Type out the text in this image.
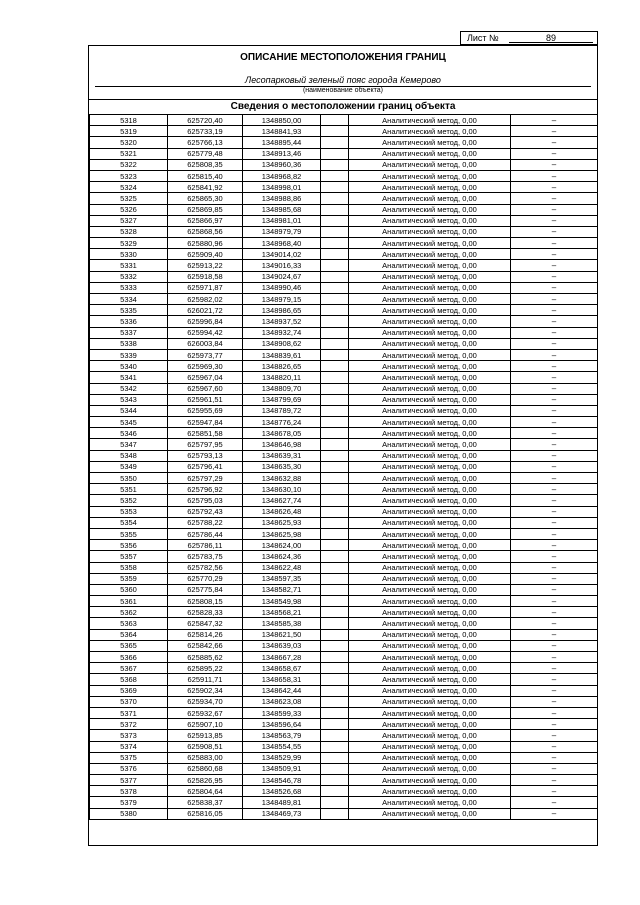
Лист №	89
ОПИСАНИЕ МЕСТОПОЛОЖЕНИЯ ГРАНИЦ
Лесопарковый зеленый пояс города Кемерово
(наименование объекта)
Сведения о местоположении границ объекта
5318	625720,40	1348850,00		Аналитический метод, 0,00	–
5319	625733,19	1348841,93		Аналитический метод, 0,00	–
5320	625766,13	1348895,44		Аналитический метод, 0,00	–
5321	625779,48	1348913,46		Аналитический метод, 0,00	–
5322	625808,35	1348960,36		Аналитический метод, 0,00	–
5323	625815,40	1348968,82		Аналитический метод, 0,00	–
5324	625841,92	1348998,01		Аналитический метод, 0,00	–
5325	625865,30	1348988,86		Аналитический метод, 0,00	–
5326	625869,85	1348985,68		Аналитический метод, 0,00	–
5327	625866,97	1348981,01		Аналитический метод, 0,00	–
5328	625868,56	1348979,79		Аналитический метод, 0,00	–
5329	625880,96	1348968,40		Аналитический метод, 0,00	–
5330	625909,40	1349014,02		Аналитический метод, 0,00	–
5331	625913,22	1349016,33		Аналитический метод, 0,00	–
5332	625918,58	1349024,67		Аналитический метод, 0,00	–
5333	625971,87	1348990,46		Аналитический метод, 0,00	–
5334	625982,02	1348979,15		Аналитический метод, 0,00	–
5335	626021,72	1348986,65		Аналитический метод, 0,00	–
5336	625996,84	1348937,52		Аналитический метод, 0,00	–
5337	625994,42	1348932,74		Аналитический метод, 0,00	–
5338	626003,84	1348908,62		Аналитический метод, 0,00	–
5339	625973,77	1348839,61		Аналитический метод, 0,00	–
5340	625969,30	1348826,65		Аналитический метод, 0,00	–
5341	625967,04	1348820,11		Аналитический метод, 0,00	–
5342	625967,60	1348809,70		Аналитический метод, 0,00	–
5343	625961,51	1348799,69		Аналитический метод, 0,00	–
5344	625955,69	1348789,72		Аналитический метод, 0,00	–
5345	625947,84	1348776,24		Аналитический метод, 0,00	–
5346	625851,58	1348678,05		Аналитический метод, 0,00	–
5347	625797,95	1348646,98		Аналитический метод, 0,00	–
5348	625793,13	1348639,31		Аналитический метод, 0,00	–
5349	625796,41	1348635,30		Аналитический метод, 0,00	–
5350	625797,29	1348632,88		Аналитический метод, 0,00	–
5351	625796,92	1348630,10		Аналитический метод, 0,00	–
5352	625795,03	1348627,74		Аналитический метод, 0,00	–
5353	625792,43	1348626,48		Аналитический метод, 0,00	–
5354	625788,22	1348625,93		Аналитический метод, 0,00	–
5355	625786,44	1348625,98		Аналитический метод, 0,00	–
5356	625786,11	1348624,00		Аналитический метод, 0,00	–
5357	625783,75	1348624,36		Аналитический метод, 0,00	–
5358	625782,56	1348622,48		Аналитический метод, 0,00	–
5359	625770,29	1348597,35		Аналитический метод, 0,00	–
5360	625775,84	1348582,71		Аналитический метод, 0,00	–
5361	625808,15	1348549,98		Аналитический метод, 0,00	–
5362	625828,33	1348568,21		Аналитический метод, 0,00	–
5363	625847,32	1348585,38		Аналитический метод, 0,00	–
5364	625814,26	1348621,50		Аналитический метод, 0,00	–
5365	625842,66	1348639,03		Аналитический метод, 0,00	–
5366	625885,62	1348667,28		Аналитический метод, 0,00	–
5367	625895,22	1348658,67		Аналитический метод, 0,00	–
5368	625911,71	1348658,31		Аналитический метод, 0,00	–
5369	625902,34	1348642,44		Аналитический метод, 0,00	–
5370	625934,70	1348623,08		Аналитический метод, 0,00	–
5371	625932,67	1348599,33		Аналитический метод, 0,00	–
5372	625907,10	1348596,64		Аналитический метод, 0,00	–
5373	625913,85	1348563,79		Аналитический метод, 0,00	–
5374	625908,51	1348554,55		Аналитический метод, 0,00	–
5375	625883,00	1348529,99		Аналитический метод, 0,00	–
5376	625860,68	1348509,91		Аналитический метод, 0,00	–
5377	625826,95	1348546,78		Аналитический метод, 0,00	–
5378	625804,64	1348526,68		Аналитический метод, 0,00	–
5379	625838,37	1348489,81		Аналитический метод, 0,00	–
5380	625816,05	1348469,73		Аналитический метод, 0,00	–
